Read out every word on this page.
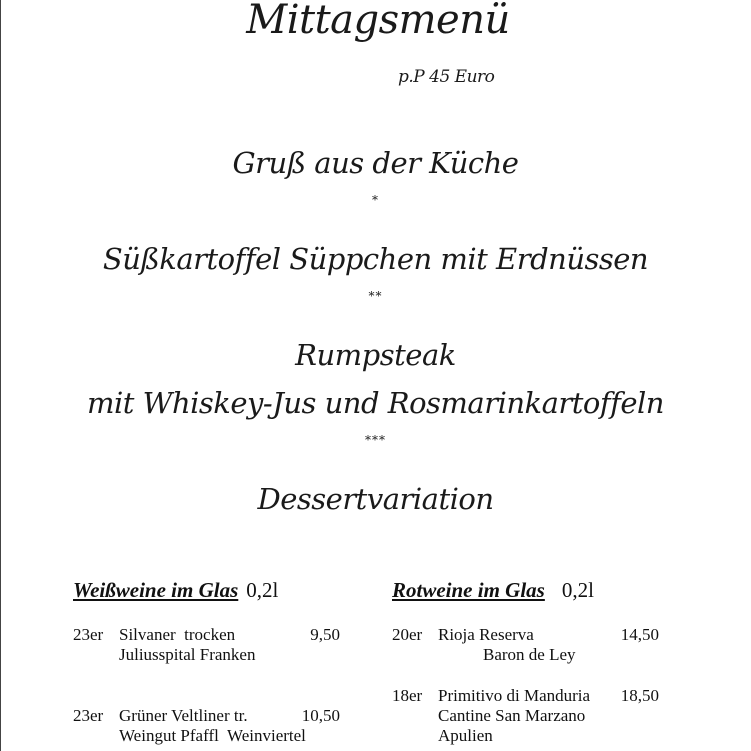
Mittagsmenü
p.P 45 Euro
Gruß aus der Küche
*
Süßkartoffel Süppchen mit Erdnüssen
**
Rumpsteak
mit Whiskey-Jus und Rosmarinkartoffeln
***
Dessertvariation
Weißweine im Glas 0,2l
23er Silvaner  trocken
Juliusspital Franken
9,50
23er Grüner Veltliner tr.
Weingut Pfaffl  Weinviertel
10,50
Rotweine im Glas 0,2l
20er Rioja Reserva
Baron de Ley
14,50
18er Primitivo di Manduria
Cantine San Marzano
Apulien
18,50
